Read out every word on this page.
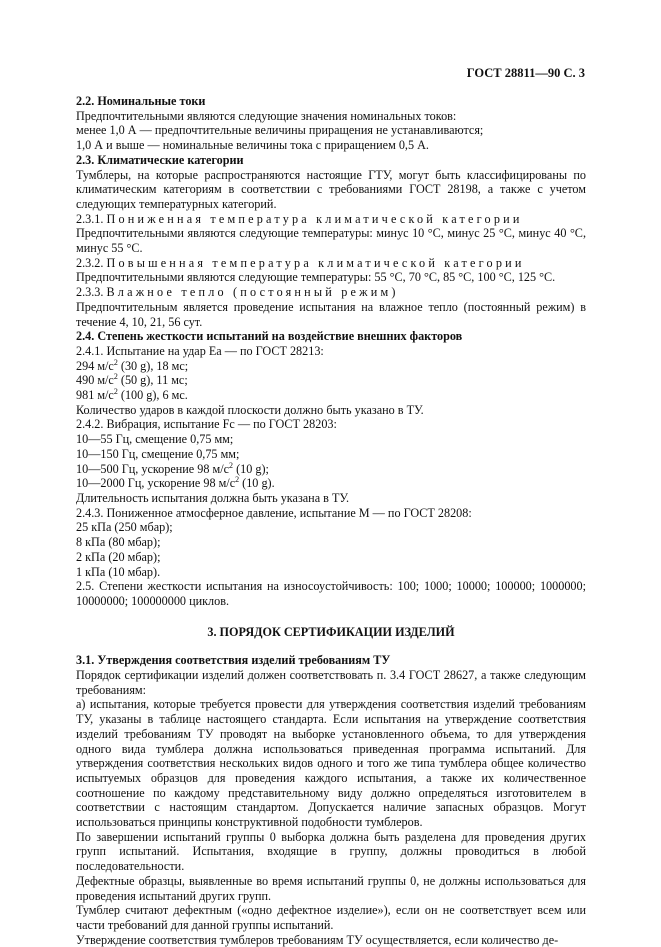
ГОСТ 28811—90 С. 3

2.2. Номинальные токи

Предпочтительными являются следующие значения номинальных токов:

менее 1,0 А — предпочтительные величины приращения не устанавливаются;

1,0 А и выше — номинальные величины тока с приращением 0,5 А.

2.3. Климатические категории

Тумблеры, на которые распространяются настоящие ГТУ, могут быть классифицированы по климатическим категориям в соответствии с требованиями ГОСТ 28198, а также с учетом следующих температурных категорий.

2.3.1. Пониженная температура климатической категории

Предпочтительными являются следующие температуры: минус 10 °С, минус 25 °С, минус 40 °С, минус 55 °С.

2.3.2. Повышенная температура климатической категории

Предпочтительными являются следующие температуры: 55 °С, 70 °С, 85 °С, 100 °С, 125 °С.

2.3.3. Влажное тепло (постоянный режим)

Предпочтительным является проведение испытания на влажное тепло (постоянный режим) в течение 4, 10, 21, 56 сут.

2.4. Степень жесткости испытаний на воздействие внешних факторов

2.4.1. Испытание на удар Еа — по ГОСТ 28213:

294 $м/с^2$ (30 g), 18 мс;

490 $м/с^2$ (50 g), 11 мс;

981 $м/с^2$ (100 g), 6 мс.

Количество ударов в каждой плоскости должно быть указано в ТУ.

2.4.2. Вибрация, испытание Fc — по ГОСТ 28203:

10—55 Гц, смещение 0,75 мм;

10—150 Гц, смещение 0,75 мм;

10—500 Гц, ускорение 98 $м/с^2$ (10 g);

10—2000 Гц, ускорение 98 $м/с^2$ (10 g).

Длительность испытания должна быть указана в ТУ.

2.4.3. Пониженное атмосферное давление, испытание М — по ГОСТ 28208:

25 кПа (250 мбар);

8 кПа (80 мбар);

2 кПа (20 мбар);

1 кПа (10 мбар).

2.5. Степени жесткости испытания на износоустойчивость: 100; 1000; 10000; 100000; 1000000; 10000000; 100000000 циклов.

3. ПОРЯДОК СЕРТИФИКАЦИИ ИЗДЕЛИЙ

3.1. Утверждения соответствия изделий требованиям ТУ

Порядок сертификации изделий должен соответствовать п. 3.4 ГОСТ 28627, а также следующим требованиям:

а) испытания, которые требуется провести для утверждения соответствия изделий требованиям ТУ, указаны в таблице настоящего стандарта. Если испытания на утверждение соответствия изделий требованиям ТУ проводят на выборке установленного объема, то для утверждения одного вида тумблера должна использоваться приведенная программа испытаний. Для утверждения соответствия нескольких видов одного и того же типа тумблера общее количество испытуемых образцов для проведения каждого испытания, а также их количественное соотношение по каждому представительному виду должно определяться изготовителем в соответствии с настоящим стандартом. Допускается наличие запасных образцов. Могут использоваться принципы конструктивной подобности тумблеров.

По завершении испытаний группы 0 выборка должна быть разделена для проведения других групп испытаний. Испытания, входящие в группу, должны проводиться в любой последовательности.

Дефектные образцы, выявленные во время испытаний группы 0, не должны использоваться для проведения испытаний других групп.

Тумблер считают дефектным («одно дефектное изделие»), если он не соответствует всем или части требований для данной группы испытаний.

Утверждение соответствия тумблеров требованиям ТУ осуществляется, если количество де-
